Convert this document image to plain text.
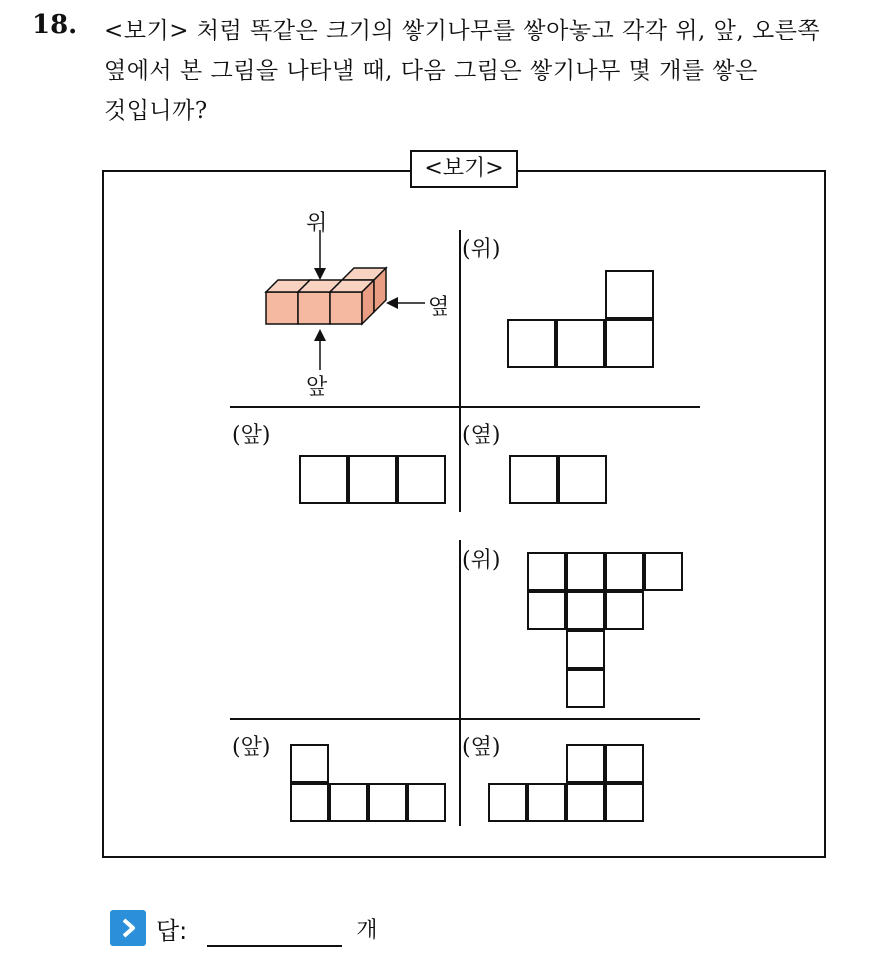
18. <보기> 처럼 똑같은 크기의 쌓기나무를 쌓아놓고 각각 위, 앞, 오른쪽
옆에서 본 그림을 나타낼 때, 다음 그림은 쌓기나무 몇 개를 쌓은
것입니까?
<보기>
위
앞
옆
(위)
(앞)	(옆)
(위)
(앞)	(옆)
답:	개
